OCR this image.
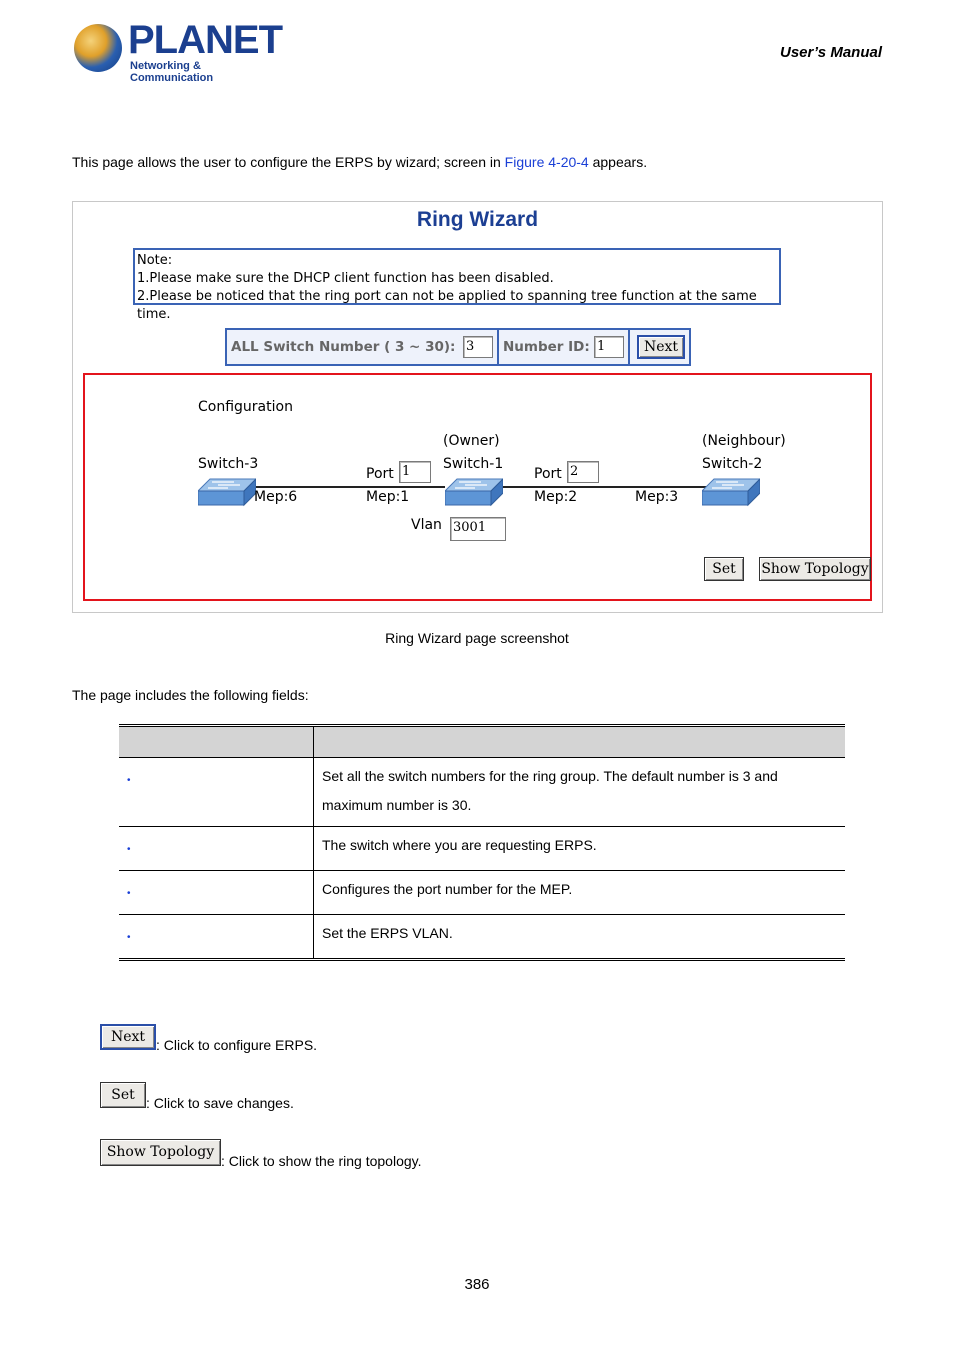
PLANET
Networking & Communication
User’s Manual
This page allows the user to configure the ERPS by wizard; screen in Figure 4-20-4 appears.
Ring Wizard
Note:
1.Please make sure the DHCP client function has been disabled.
2.Please be noticed that the ring port can not be applied to spanning tree function at the same time.
ALL Switch Number ( 3 ~ 30): 3	Number ID: 1	Next
Configuration
Switch-3
(Owner)
Switch-1
(Neighbour)
Switch-2
Mep:6
Port 1
Mep:1
Port 2
Mep:2	Mep:3
Vlan 3001
Set	Show Topology
Ring Wizard page screenshot
The page includes the following fields:

•	Set all the switch numbers for the ring group. The default number is 3 and maximum number is 30.
•	The switch where you are requesting ERPS.
•	Configures the port number for the MEP.
•	Set the ERPS VLAN.
Next : Click to configure ERPS.
Set : Click to save changes.
Show Topology
: Click to show the ring topology.
386
